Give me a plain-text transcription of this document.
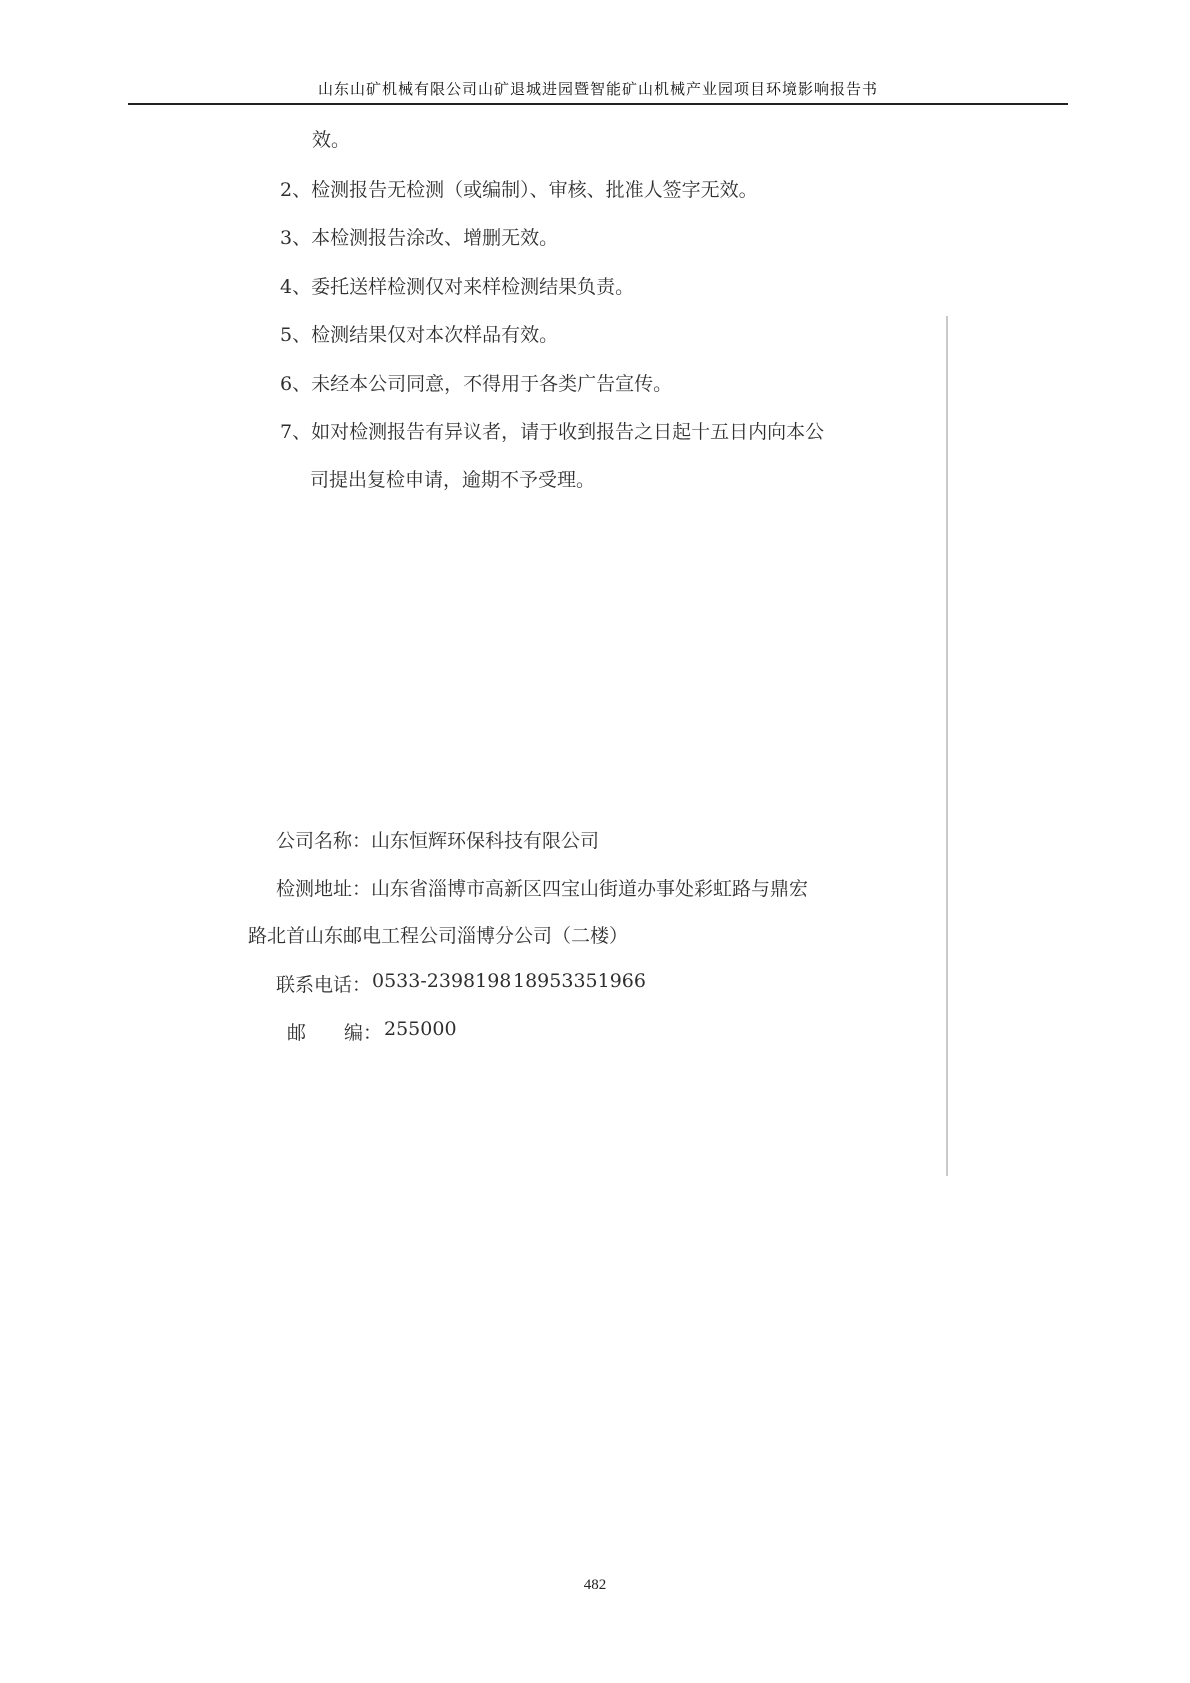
山东山矿机械有限公司山矿退城进园暨智能矿山机械产业园项目环境影响报告书
效。
2、检测报告无检测（或编制）、审核、批准人签字无效。
3、本检测报告涂改、增删无效。
4、委托送样检测仅对来样检测结果负责。
5、检测结果仅对本次样品有效。
6、未经本公司同意，不得用于各类广告宣传。
7、如对检测报告有异议者，请于收到报告之日起十五日内向本公
司提出复检申请，逾期不予受理。
公司名称：山东恒辉环保科技有限公司
检测地址：山东省淄博市高新区四宝山街道办事处彩虹路与鼎宏
路北首山东邮电工程公司淄博分公司（二楼）
联系电话： 0533-2398198 18953351966
邮 编： 255000
482
